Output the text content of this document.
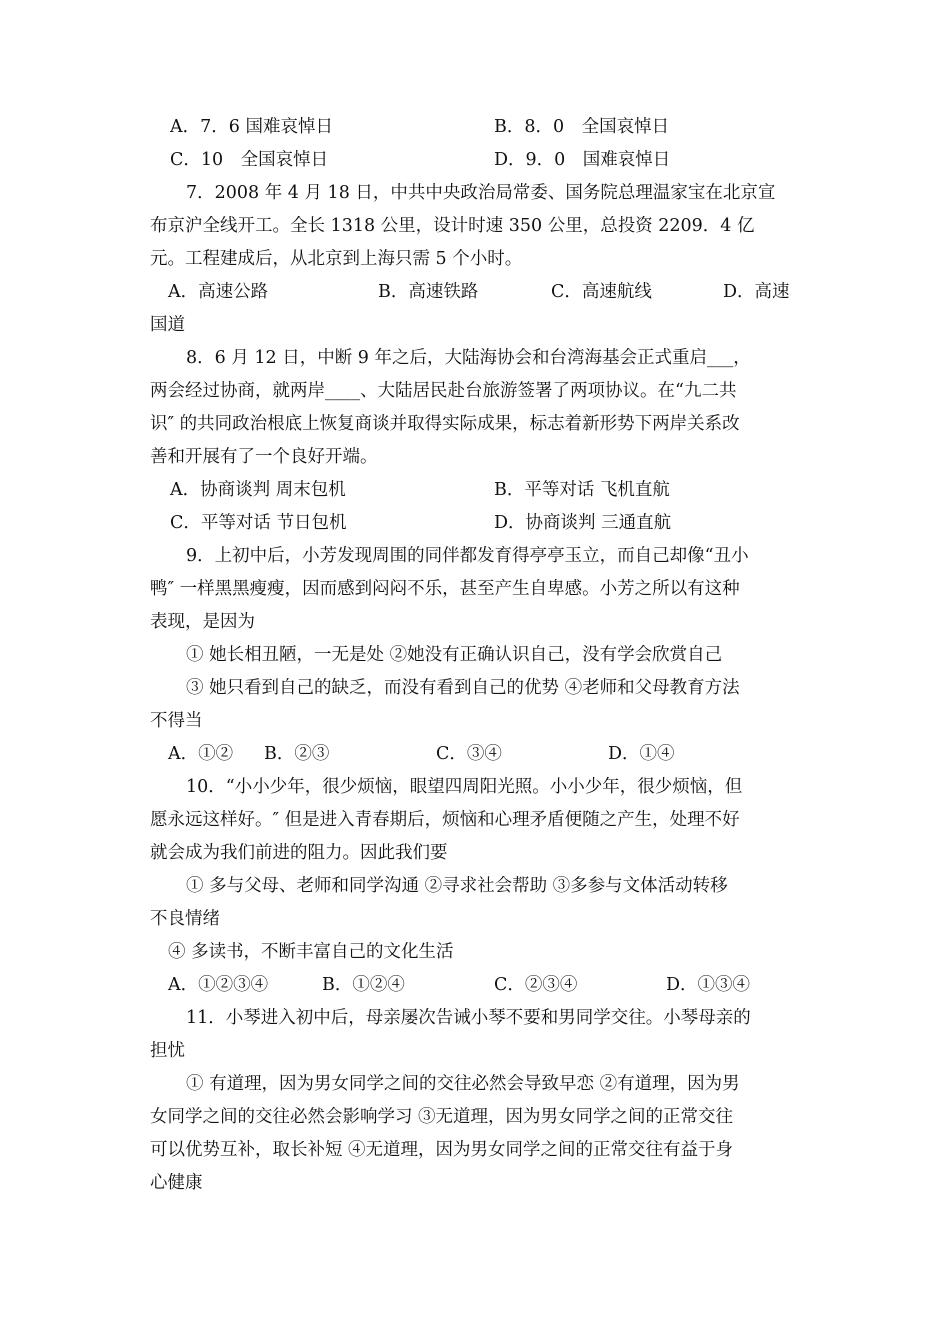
A．7．6 国难哀悼日	B．8．0　全国哀悼日
C．10　全国哀悼日	D．9．0　国难哀悼日
7．2008 年 4 月 18 日，中共中央政治局常委、国务院总理温家宝在北京宣
布京沪全线开工。全长 1318 公里，设计时速 350 公里，总投资 2209．4 亿
元。工程建成后，从北京到上海只需 5 个小时。
A．高速公路	B．高速铁路	C．高速航线	D．高速
国道
8．6 月 12 日，中断 9 年之后，大陆海协会和台湾海基会正式重启___，
两会经过协商，就两岸____、大陆居民赴台旅游签署了两项协议。在“九二共
识″ 的共同政治根底上恢复商谈并取得实际成果，标志着新形势下两岸关系改
善和开展有了一个良好开端。
A．协商谈判 周末包机	B．平等对话 飞机直航
C．平等对话 节日包机	D．协商谈判 三通直航
9．上初中后，小芳发现周围的同伴都发育得亭亭玉立，而自己却像“丑小
鸭″ 一样黑黑瘦瘦，因而感到闷闷不乐，甚至产生自卑感。小芳之所以有这种
表现，是因为
① 她长相丑陋，一无是处 ②她没有正确认识自己，没有学会欣赏自己
③ 她只看到自己的缺乏，而没有看到自己的优势 ④老师和父母教育方法
不得当
A．①② B．②③	C．③④	D．①④
10．“小小少年，很少烦恼，眼望四周阳光照。小小少年，很少烦恼，但
愿永远这样好。″ 但是进入青春期后，烦恼和心理矛盾便随之产生，处理不好
就会成为我们前进的阻力。因此我们要
① 多与父母、老师和同学沟通 ②寻求社会帮助 ③多参与文体活动转移
不良情绪
④ 多读书，不断丰富自己的文化生活
A．①②③④	B．①②④	C．②③④	D．①③④
11．小琴进入初中后，母亲屡次告诫小琴不要和男同学交往。小琴母亲的
担忧
① 有道理，因为男女同学之间的交往必然会导致早恋 ②有道理，因为男
女同学之间的交往必然会影响学习 ③无道理，因为男女同学之间的正常交往
可以优势互补，取长补短 ④无道理，因为男女同学之间的正常交往有益于身
心健康
